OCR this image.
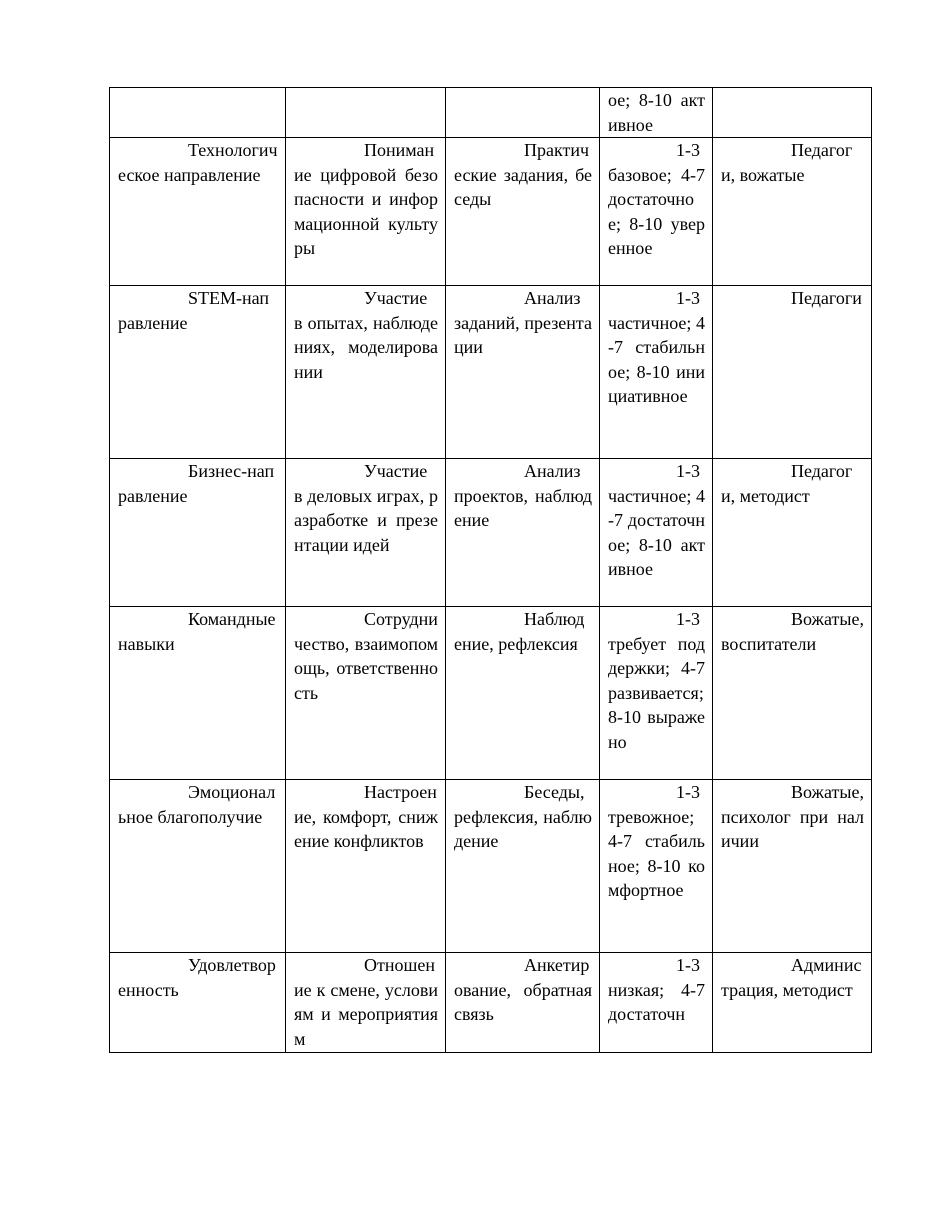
			ое; 8-10 активное	

Технологическое направление	Понимание цифровой безопасности и информационной культуры	Практические задания, беседы	1-3 базовое; 4-7 достаточное; 8-10 уверенное	Педагоги, вожатые

STEM-направление	Участие в опытах, наблюдениях, моделировании	Анализ заданий, презентации	1-3 частичное; 4-7 стабильное; 8-10 инициативное	Педагоги

Бизнес-направление	Участие в деловых играх, разработке и презентации идей	Анализ проектов, наблюдение	1-3 частичное; 4-7 достаточное; 8-10 активное	Педагоги, методист

Командные навыки	Сотрудничество, взаимопомощь, ответственность	Наблюдение, рефлексия	1-3 требует поддержки; 4-7 развивается; 8-10 выражено	Вожатые, воспитатели

Эмоциональное благополучие	Настроение, комфорт, снижение конфликтов	Беседы, рефлексия, наблюдение	1-3 тревожное; 4-7 стабильное; 8-10 комфортное	Вожатые, психолог при наличии

Удовлетворенность	Отношение к смене, условиям и мероприятиям	Анкетирование, обратная связь	1-3 низкая; 4-7 достаточн	Администрация, методист
